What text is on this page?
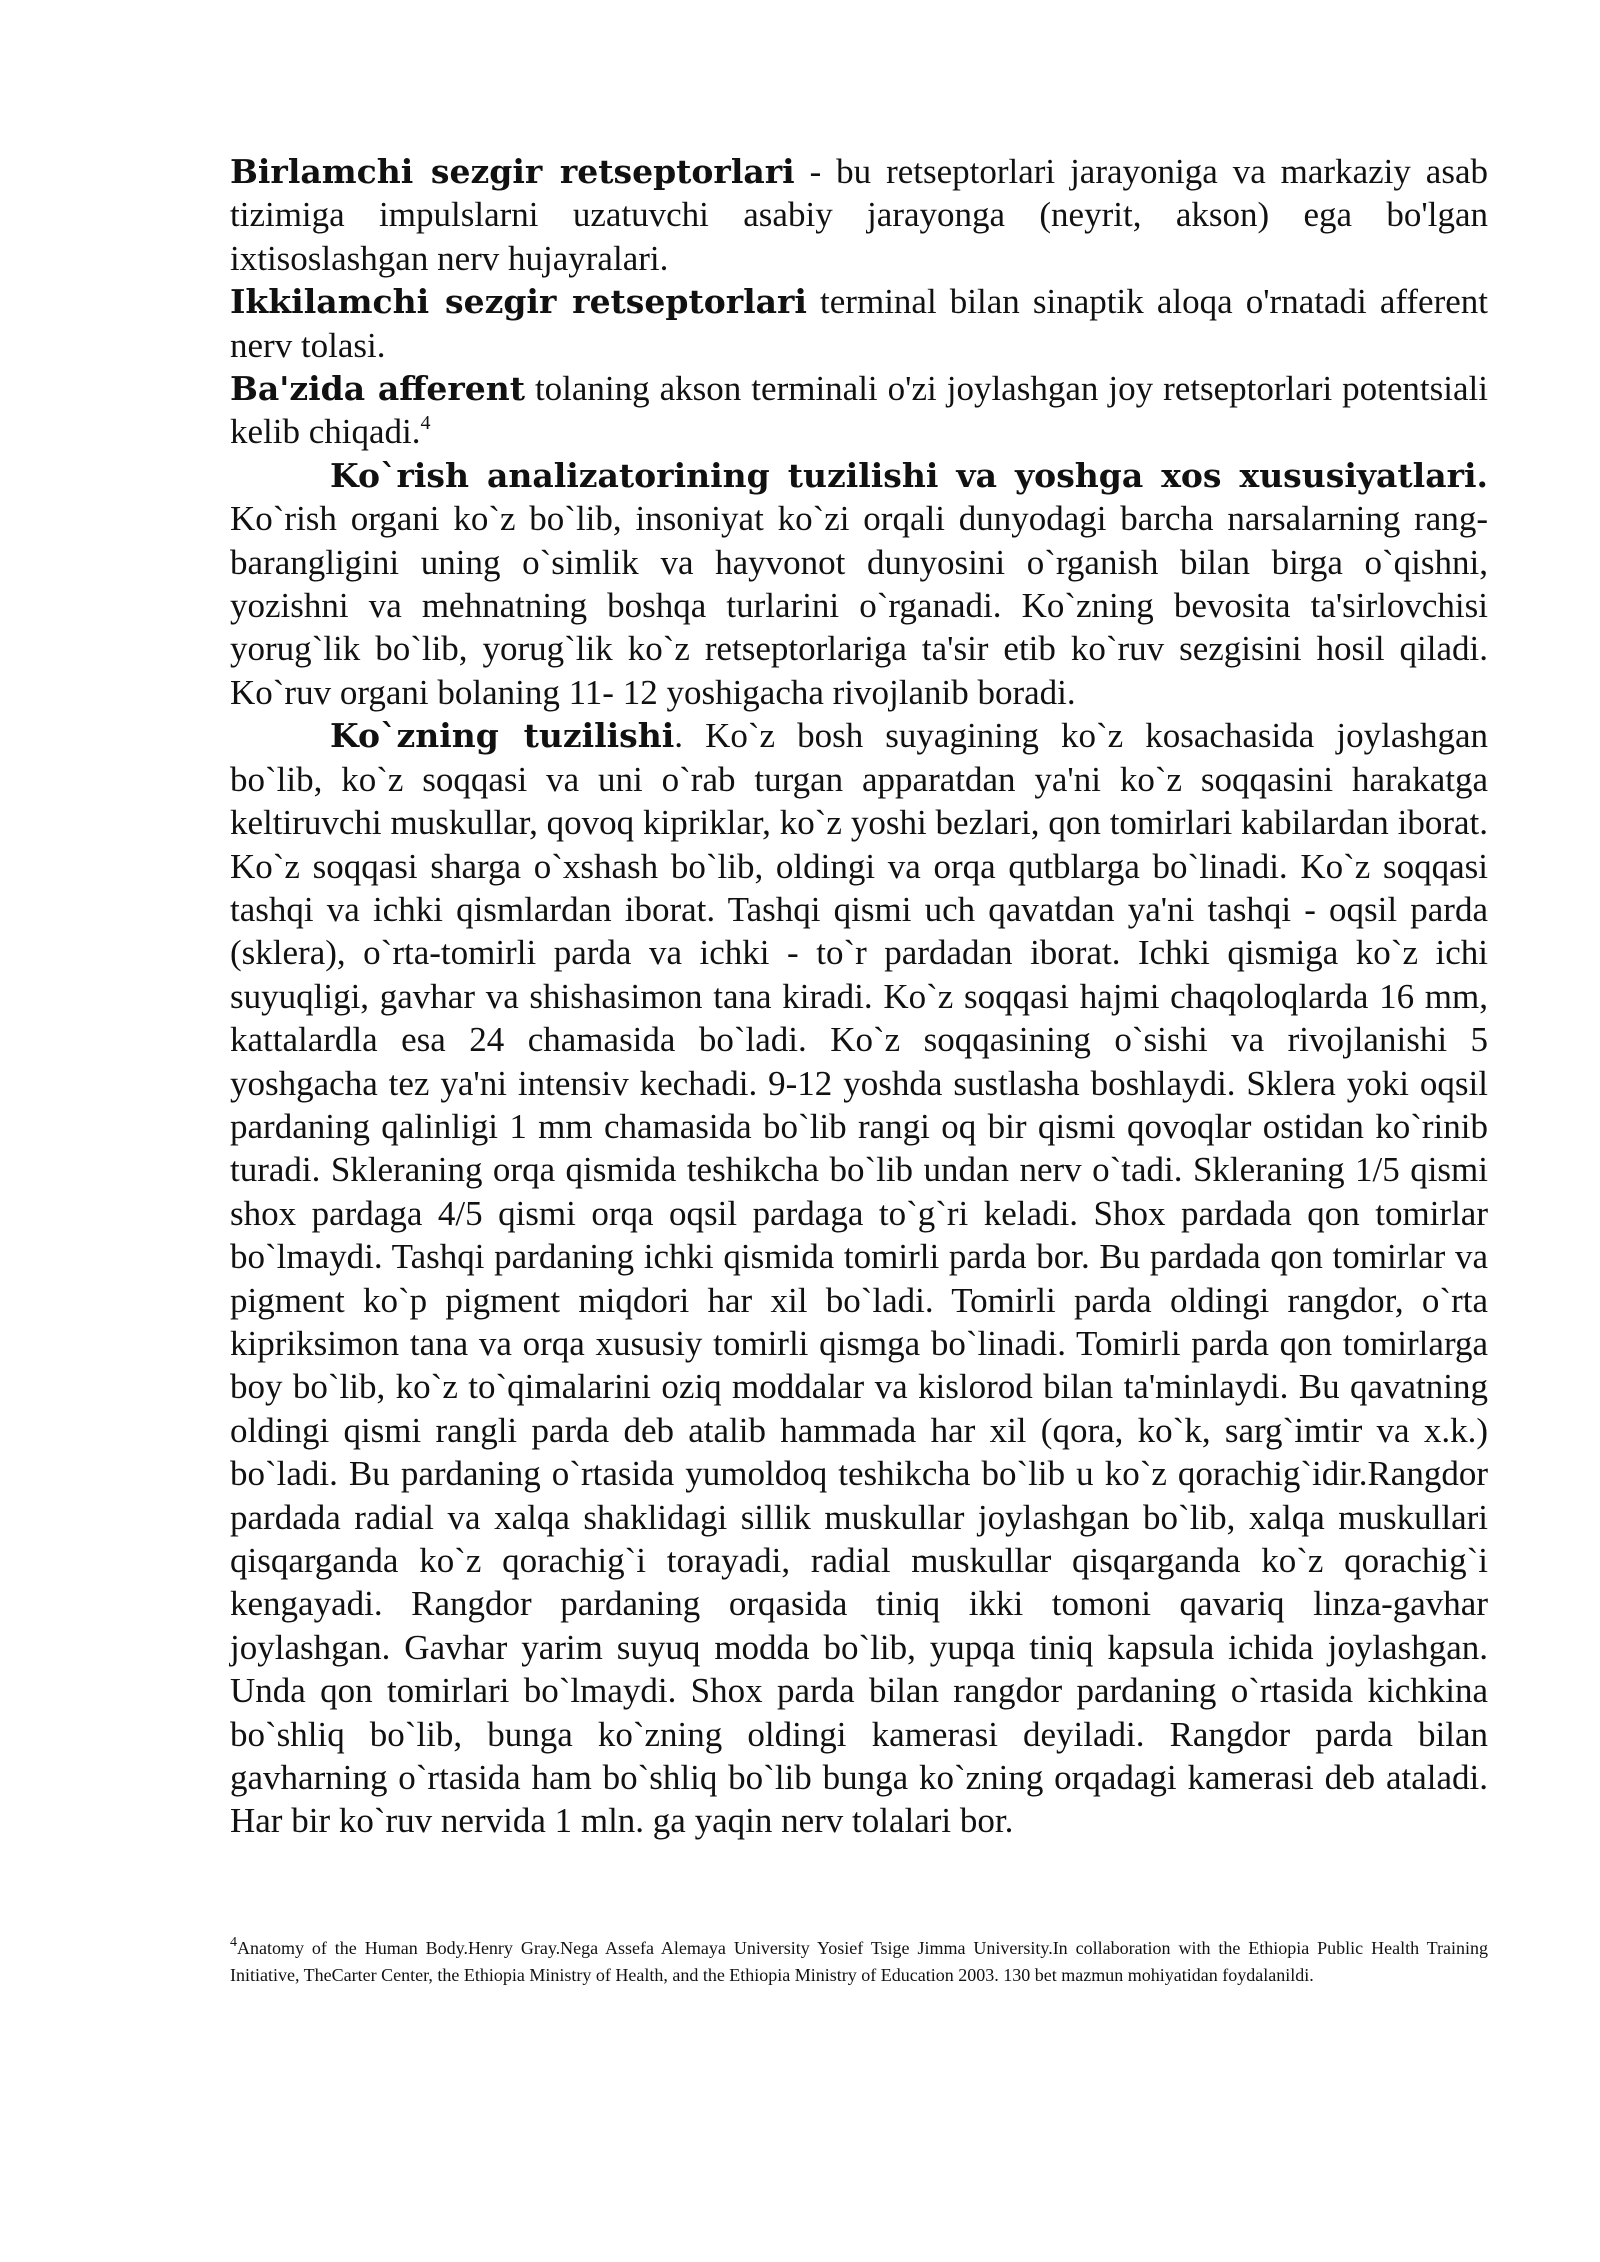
Birlamchi sezgir retseptorlari - bu retseptorlari jarayoniga va markaziy asab tizimiga impulslarni uzatuvchi asabiy jarayonga (neyrit, akson) ega bo'lgan ixtisoslashgan nerv hujayralari.

Ikkilamchi sezgir retseptorlari terminal bilan sinaptik aloqa o'rnatadi afferent nerv tolasi.

Ba'zida afferent tolaning akson terminali o'zi joylashgan joy retseptorlari potentsiali kelib chiqadi.$^4$

Ko`rish analizatorining tuzilishi va yoshga xos xususiyatlari. Ko`rish organi ko`z bo`lib, insoniyat ko`zi orqali dunyodagi barcha narsalarning rang-barangligini uning o`simlik va hayvonot dunyosini o`rganish bilan birga o`qishni, yozishni va mehnatning boshqa turlarini o`rganadi. Ko`zning bevosita ta'sirlovchisi yorug`lik bo`lib, yorug`lik ko`z retseptorlariga ta'sir etib ko`ruv sezgisini hosil qiladi. Ko`ruv organi bolaning 11- 12 yoshigacha rivojlanib boradi.

Ko`zning tuzilishi. Ko`z bosh suyagining ko`z kosachasida joylashgan bo`lib, ko`z soqqasi va uni o`rab turgan apparatdan ya'ni ko`z soqqasini harakatga keltiruvchi muskullar, qovoq kipriklar, ko`z yoshi bezlari, qon tomirlari kabilardan iborat. Ko`z soqqasi sharga o`xshash bo`lib, oldingi va orqa qutblarga bo`linadi. Ko`z soqqasi tashqi va ichki qismlardan iborat. Tashqi qismi uch qavatdan ya'ni tashqi - oqsil parda (sklera), o`rta-tomirli parda va ichki - to`r pardadan iborat. Ichki qismiga ko`z ichi suyuqligi, gavhar va shishasimon tana kiradi. Ko`z soqqasi hajmi chaqoloqlarda 16 mm, kattalardla esa 24 chamasida bo`ladi. Ko`z soqqasining o`sishi va rivojlanishi 5 yoshgacha tez ya'ni intensiv kechadi. 9-12 yoshda sustlasha boshlaydi. Sklera yoki oqsil pardaning qalinligi 1 mm chamasida bo`lib rangi oq bir qismi qovoqlar ostidan ko`rinib turadi. Skleraning orqa qismida teshikcha bo`lib undan nerv o`tadi. Skleraning 1/5 qismi shox pardaga 4/5 qismi orqa oqsil pardaga to`g`ri keladi. Shox pardada qon tomirlar bo`lmaydi. Tashqi pardaning ichki qismida tomirli parda bor. Bu pardada qon tomirlar va pigment ko`p pigment miqdori har xil bo`ladi. Tomirli parda oldingi rangdor, o`rta kipriksimon tana va orqa xususiy tomirli qismga bo`linadi. Tomirli parda qon tomirlarga boy bo`lib, ko`z to`qimalarini oziq moddalar va kislorod bilan ta'minlaydi. Bu qavatning oldingi qismi rangli parda deb atalib hammada har xil (qora, ko`k, sarg`imtir va x.k.) bo`ladi. Bu pardaning o`rtasida yumoldoq teshikcha bo`lib u ko`z qorachig`idir.Rangdor pardada radial va xalqa shaklidagi sillik muskullar joylashgan bo`lib, xalqa muskullari qisqarganda ko`z qorachig`i torayadi, radial muskullar qisqarganda ko`z qorachig`i kengayadi. Rangdor pardaning orqasida tiniq ikki tomoni qavariq linza-gavhar joylashgan. Gavhar yarim suyuq modda bo`lib, yupqa tiniq kapsula ichida joylashgan. Unda qon tomirlari bo`lmaydi. Shox parda bilan rangdor pardaning o`rtasida kichkina bo`shliq bo`lib, bunga ko`zning oldingi kamerasi deyiladi. Rangdor parda bilan gavharning o`rtasida ham bo`shliq bo`lib bunga ko`zning orqadagi kamerasi deb ataladi. Har bir ko`ruv nervida 1 mln. ga yaqin nerv tolalari bor.

$^4$Anatomy of the Human Body.Henry Gray.Nega Assefa Alemaya University Yosief Tsige Jimma University.In collaboration with the Ethiopia Public Health Training Initiative, TheCarter Center, the Ethiopia Ministry of Health, and the Ethiopia Ministry of Education 2003. 130 bet mazmun mohiyatidan foydalanildi.
